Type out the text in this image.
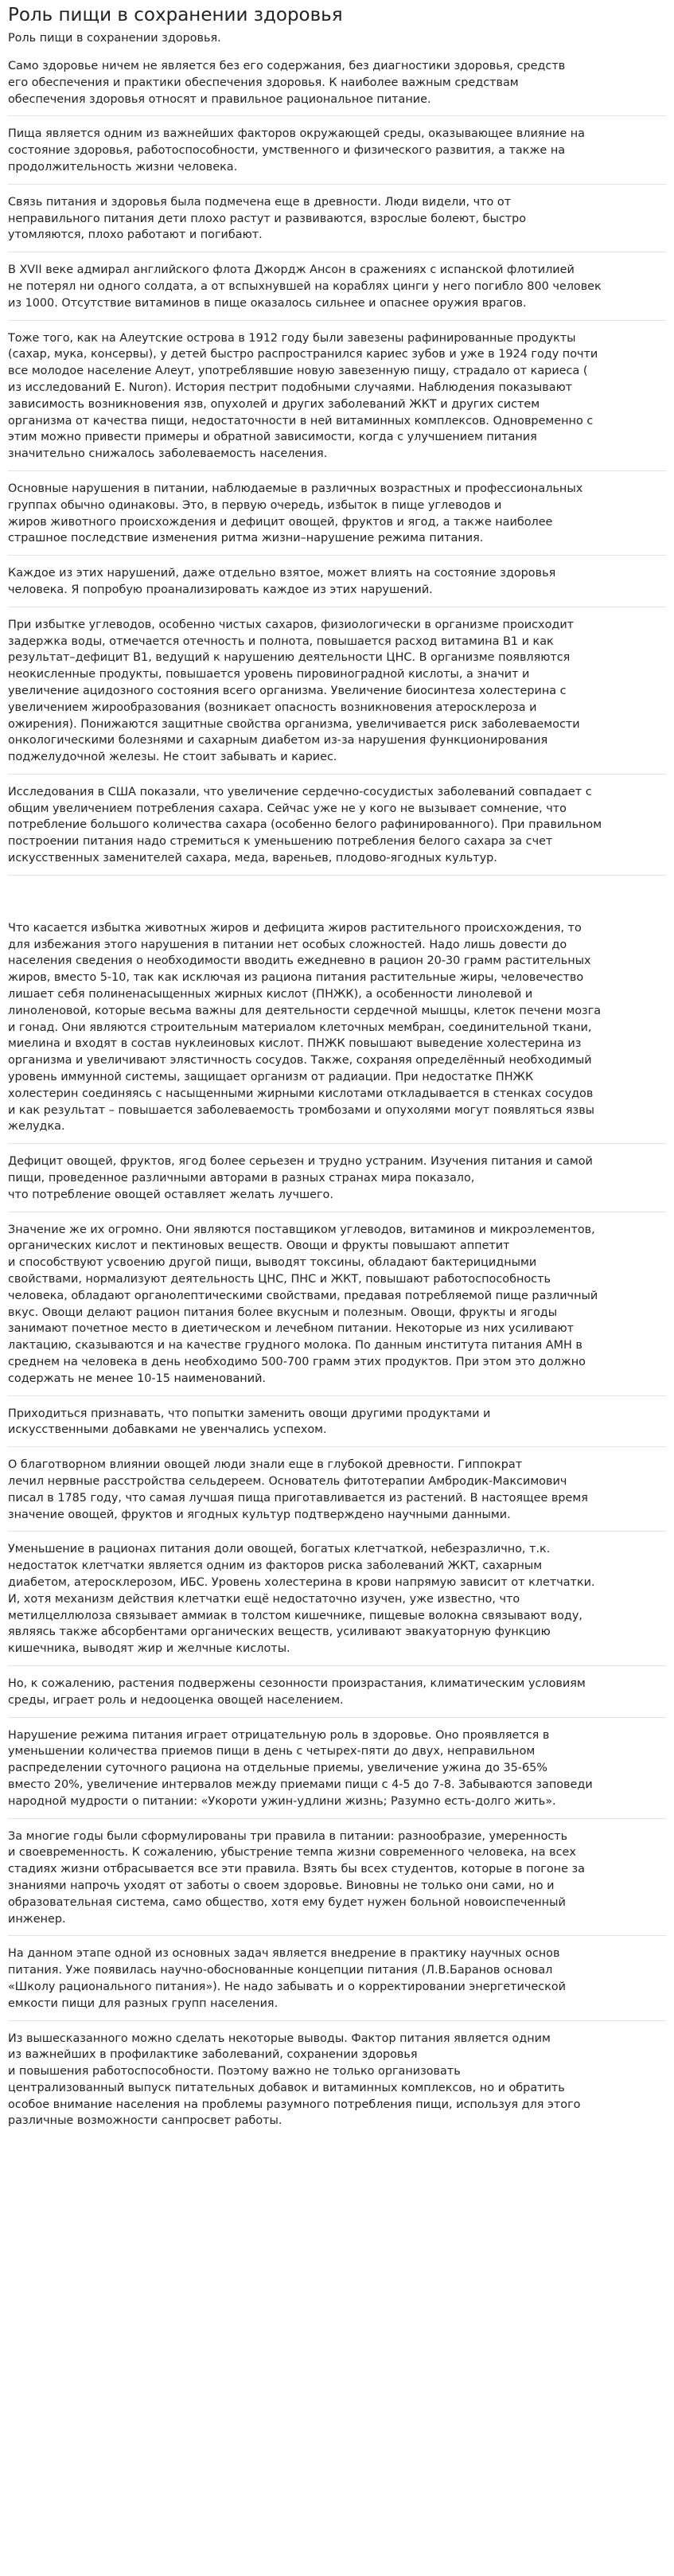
Роль пищи в сохранении здоровья
Роль пищи в сохранении здоровья.

Само здоровье ничем не является без его содержания, без диагностики здоровья, средств
его обеспечения и практики обеспечения здоровья. К наиболее важным средствам
обеспечения здоровья относят и правильное рациональное питание.

Пища является одним из важнейших факторов окружающей среды, оказывающее влияние на
состояние здоровья, работоспособности, умственного и физического развития, а также на
продолжительность жизни человека.

Связь питания и здоровья была подмечена еще в древности. Люди видели, что от
неправильного питания дети плохо растут и развиваются, взрослые болеют, быстро
утомляются, плохо работают и погибают.

В XVII веке адмирал английского флота Джордж Ансон в сражениях с испанской флотилией
не потерял ни одного солдата, а от вспыхнувшей на кораблях цинги у него погибло 800 человек
из 1000. Отсутствие витаминов в пище оказалось сильнее и опаснее оружия врагов.

Тоже того, как на Алеутские острова в 1912 году были завезены рафинированные продукты
(сахар, мука, консервы), у детей быстро распространился кариес зубов и уже в 1924 году почти
все молодое население Алеут, употреблявшие новую завезенную пищу, страдало от кариеса (
из исследований E. Nuron). История пестрит подобными случаями. Наблюдения показывают
зависимость возникновения язв, опухолей и других заболеваний ЖКТ и других систем
организма от качества пищи, недостаточности в ней витаминных комплексов. Одновременно с
этим можно привести примеры и обратной зависимости, когда с улучшением питания
значительно снижалось заболеваемость населения.

Основные нарушения в питании, наблюдаемые в различных возрастных и профессиональных
группах обычно одинаковы. Это, в первую очередь, избыток в пище углеводов и
жиров животного происхождения и дефицит овощей, фруктов и ягод, а также наиболее
страшное последствие изменения ритма жизни–нарушение режима питания.

Каждое из этих нарушений, даже отдельно взятое, может влиять на состояние здоровья
человека. Я попробую проанализировать каждое из этих нарушений.

При избытке углеводов, особенно чистых сахаров, физиологически в организме происходит
задержка воды, отмечается отечность и полнота, повышается расход витамина В1 и как
результат–дефицит В1, ведущий к нарушению деятельности ЦНС. В организме появляются
неокисленные продукты, повышается уровень пировиноградной кислоты, а значит и
увеличение ацидозного состояния всего организма. Увеличение биосинтеза холестерина с
увеличением жирообразования (возникает опасность возникновения атеросклероза и
ожирения). Понижаются защитные свойства организма, увеличивается риск заболеваемости
онкологическими болезнями и сахарным диабетом из-за нарушения функционирования
поджелудочной железы. Не стоит забывать и кариес.

Исследования в США показали, что увеличение сердечно-сосудистых заболеваний совпадает с
общим увеличением потребления сахара. Сейчас уже не у кого не вызывает сомнение, что
потребление большого количества сахара (особенно белого рафинированного). При правильном
построении питания надо стремиться к уменьшению потребления белого сахара за счет
искусственных заменителей сахара, меда, вареньев, плодово-ягодных культур.

Что касается избытка животных жиров и дефицита жиров растительного происхождения, то
для избежания этого нарушения в питании нет особых сложностей. Надо лишь довести до
населения сведения о необходимости вводить ежедневно в рацион 20-30 грамм растительных
жиров, вместо 5-10, так как исключая из рациона питания растительные жиры, человечество
лишает себя полиненасыщенных жирных кислот (ПНЖК), а особенности линолевой и
линоленовой, которые весьма важны для деятельности сердечной мышцы, клеток печени мозга
и гонад. Они являются строительным материалом клеточных мембран, соединительной ткани,
миелина и входят в состав нуклеиновых кислот. ПНЖК повышают выведение холестерина из
организма и увеличивают элястичность сосудов. Также, сохраняя определённый необходимый
уровень иммунной системы, защищает организм от радиации. При недостатке ПНЖК
холестерин соединяясь с насыщенными жирными кислотами откладывается в стенках сосудов
и как результат – повышается заболеваемость тромбозами и опухолями могут появляться язвы
желудка.

Дефицит овощей, фруктов, ягод более серьезен и трудно устраним. Изучения питания и самой
пищи, проведенное различными авторами в разных странах мира показало,
что потребление овощей оставляет желать лучшего.

Значение же их огромно. Они являются поставщиком углеводов, витаминов и микроэлементов,
органических кислот и пектиновых веществ. Овощи и фрукты повышают аппетит
и способствуют усвоению другой пищи, выводят токсины, обладают бактерицидными
свойствами, нормализуют деятельность ЦНС, ПНС и ЖКТ, повышают работоспособность
человека, обладают органолептическими свойствами, предавая потребляемой пище различный
вкус. Овощи делают рацион питания более вкусным и полезным. Овощи, фрукты и ягоды
занимают почетное место в диетическом и лечебном питании. Некоторые из них усиливают
лактацию, сказываются и на качестве грудного молока. По данным института питания АМН в
среднем на человека в день необходимо 500-700 грамм этих продуктов. При этом это должно
содержать не менее 10-15 наименований.

Приходиться признавать, что попытки заменить овощи другими продуктами и
искусственными добавками не увенчались успехом.

О благотворном влиянии овощей люди знали еще в глубокой древности. Гиппократ
лечил нервные расстройства сельдереем. Основатель фитотерапии Амбродик-Максимович
писал в 1785 году, что самая лучшая пища приготавливается из растений. В настоящее время
значение овощей, фруктов и ягодных культур подтверждено научными данными.

Уменьшение в рационах питания доли овощей, богатых клетчаткой, небезразлично, т.к.
недостаток клетчатки является одним из факторов риска заболеваний ЖКТ, сахарным
диабетом, атеросклерозом, ИБС. Уровень холестерина в крови напрямую зависит от клетчатки.
И, хотя механизм действия клетчатки ещё недостаточно изучен, уже известно, что
метилцеллюлоза связывает аммиак в толстом кишечнике, пищевые волокна связывают воду,
являясь также абсорбентами органических веществ, усиливают эвакуаторную функцию
кишечника, выводят жир и желчные кислоты.

Но, к сожалению, растения подвержены сезонности произрастания, климатическим условиям
среды, играет роль и недооценка овощей населением.

Нарушение режима питания играет отрицательную роль в здоровье. Оно проявляется в
уменьшении количества приемов пищи в день с четырех-пяти до двух, неправильном
распределении суточного рациона на отдельные приемы, увеличение ужина до 35-65%
вместо 20%, увеличение интервалов между приемами пищи с 4-5 до 7-8. Забываются заповеди
народной мудрости о питании: «Укороти ужин-удлини жизнь; Разумно есть-долго жить».

За многие годы были сформулированы три правила в питании: разнообразие, умеренность
и своевременность. К сожалению, убыстрение темпа жизни современного человека, на всех
стадиях жизни отбрасывается все эти правила. Взять бы всех студентов, которые в погоне за
знаниями напрочь уходят от заботы о своем здоровье. Виновны не только они сами, но и
образовательная система, само общество, хотя ему будет нужен больной новоиспеченный
инженер.

На данном этапе одной из основных задач является внедрение в практику научных основ
питания. Уже появилась научно-обоснованные концепции питания (Л.В.Баранов основал
«Школу рационального питания»). Не надо забывать и о корректировании энергетической
емкости пищи для разных групп населения.

Из вышесказанного можно сделать некоторые выводы. Фактор питания является одним
из важнейших в профилактике заболеваний, сохранении здоровья
и повышения работоспособности. Поэтому важно не только организовать
централизованный выпуск питательных добавок и витаминных комплексов, но и обратить
особое внимание населения на проблемы разумного потребления пищи, используя для этого
различные возможности санпросвет работы.
